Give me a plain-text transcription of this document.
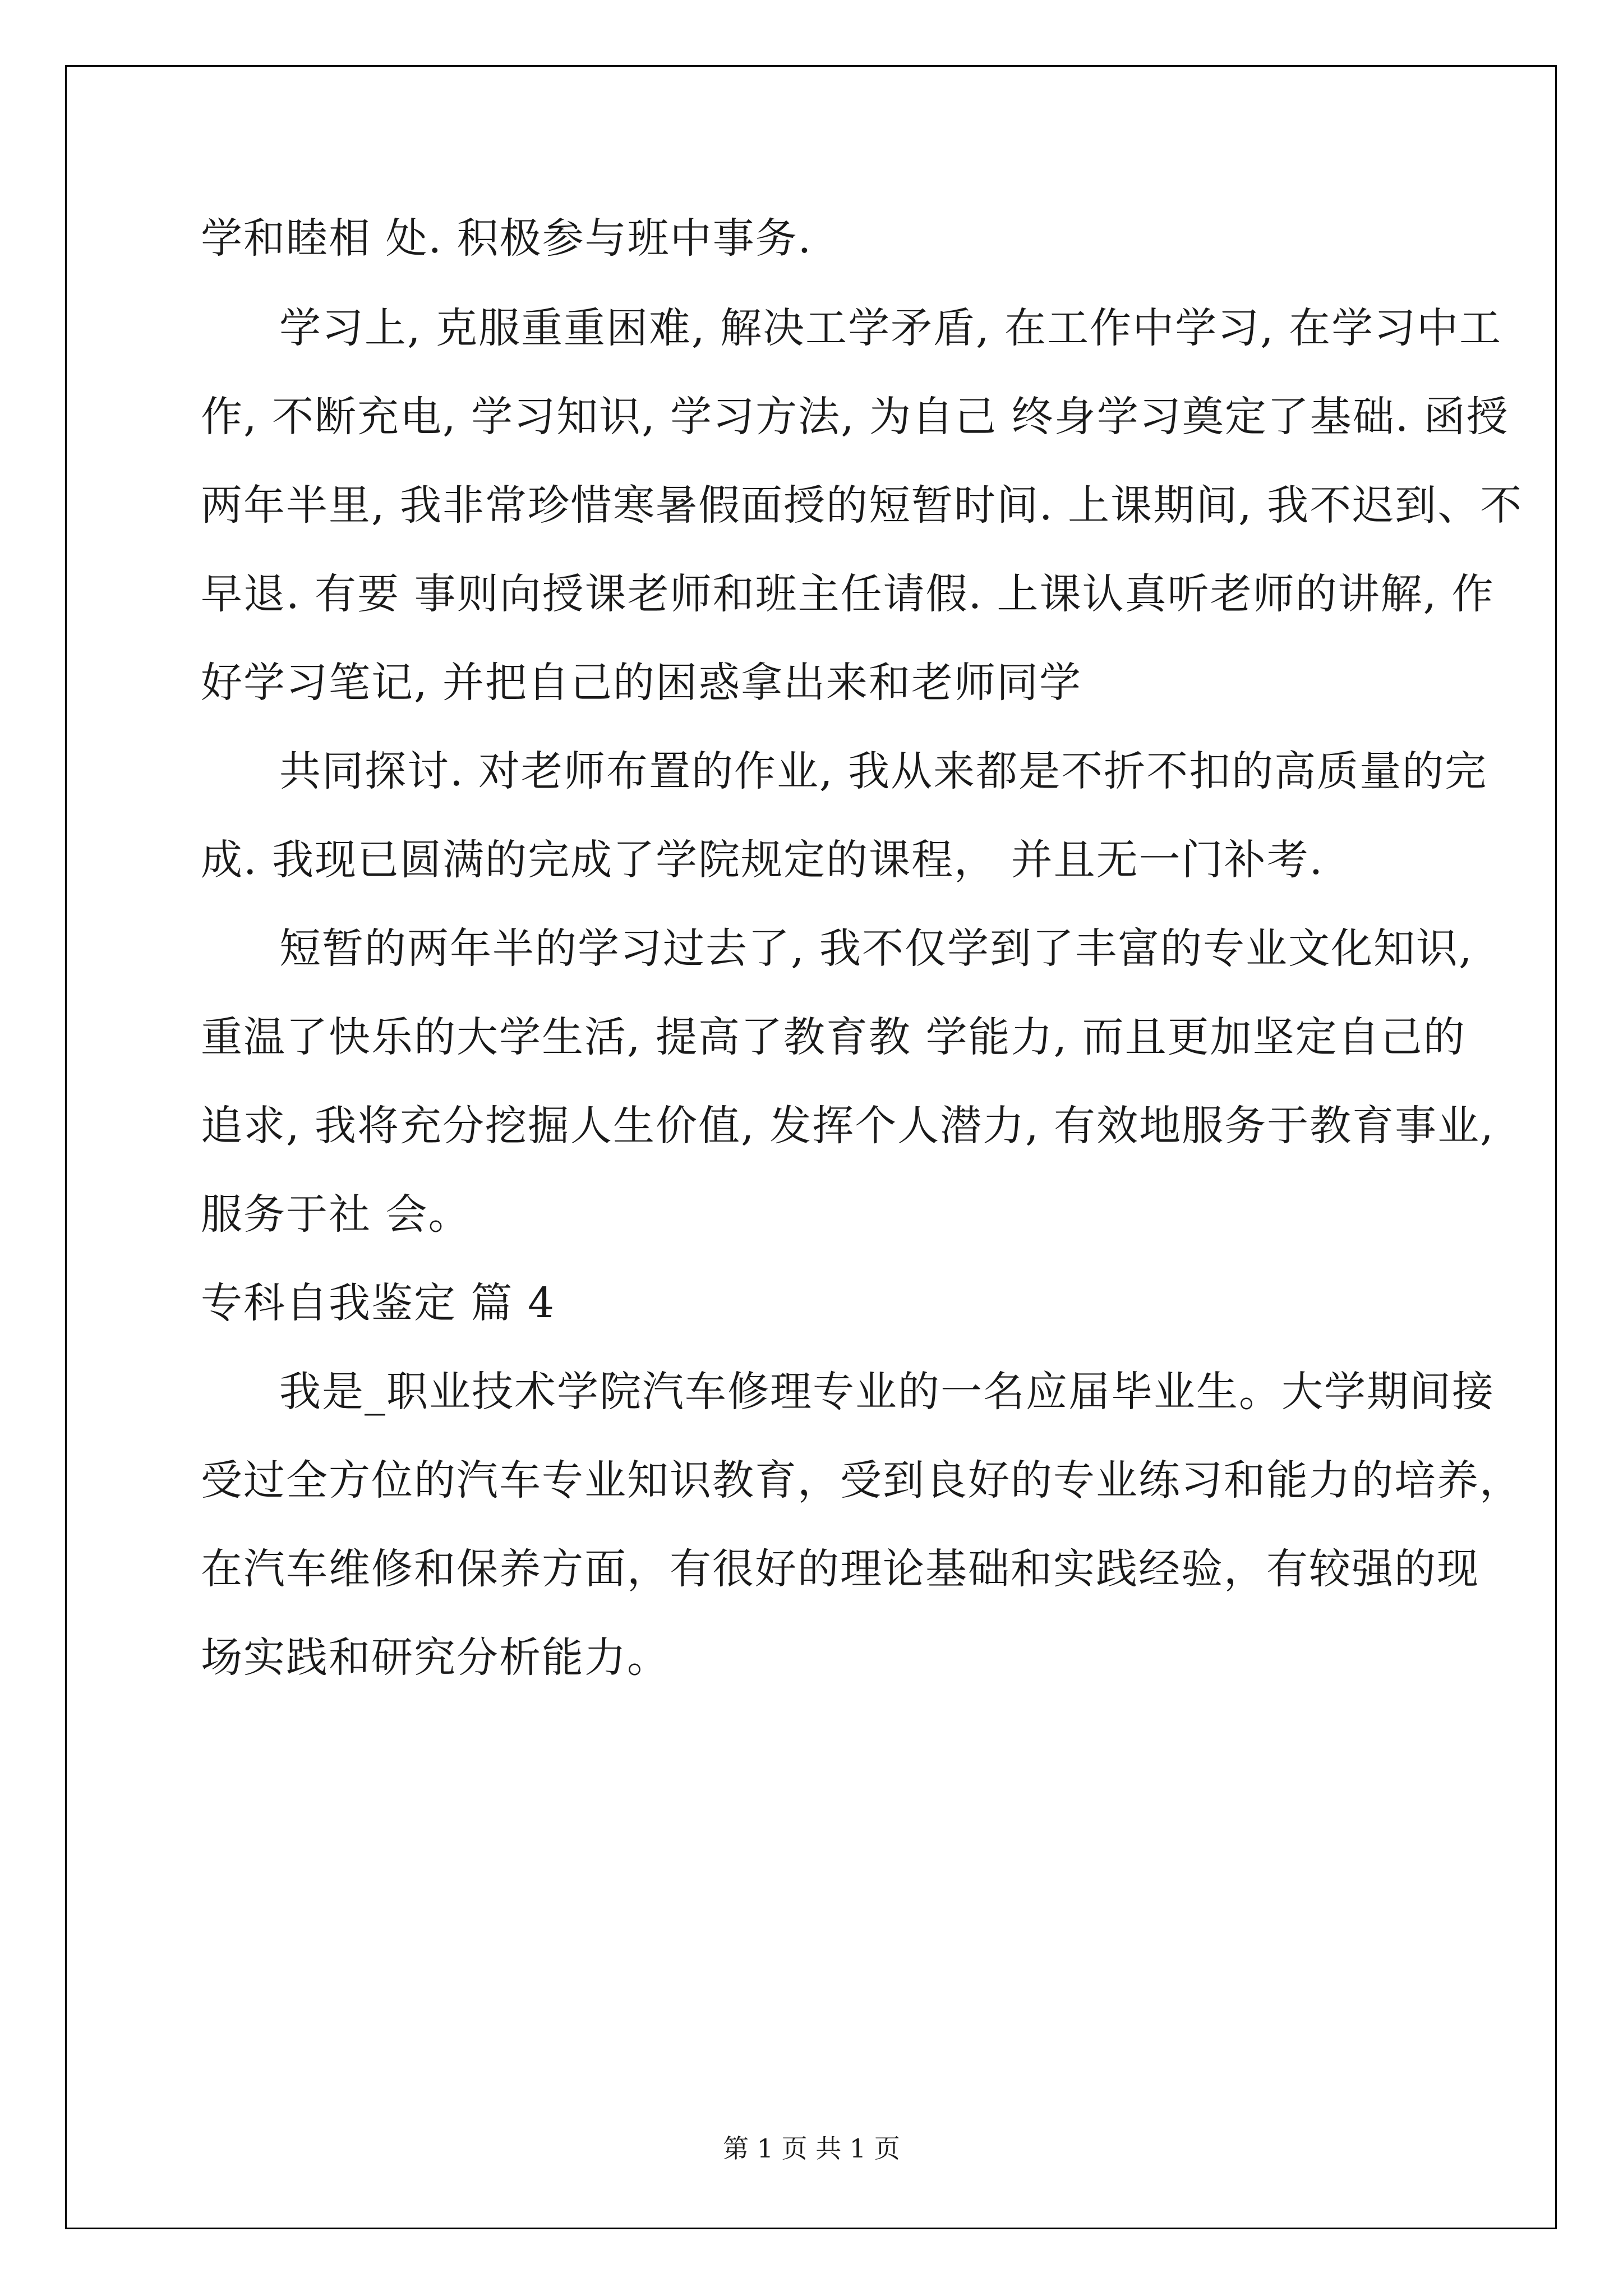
学和睦相 处. 积极参与班中事务.
学习上, 克服重重困难, 解决工学矛盾, 在工作中学习, 在学习中工
作, 不断充电, 学习知识, 学习方法, 为自己 终身学习奠定了基础. 函授
两年半里, 我非常珍惜寒暑假面授的短暂时间. 上课期间, 我不迟到、不
早退. 有要 事则向授课老师和班主任请假. 上课认真听老师的讲解, 作
好学习笔记, 并把自己的困惑拿出来和老师同学
共同探讨. 对老师布置的作业, 我从来都是不折不扣的高质量的完
成. 我现已圆满的完成了学院规定的课程， 并且无一门补考.
短暂的两年半的学习过去了, 我不仅学到了丰富的专业文化知识,
重温了快乐的大学生活, 提高了教育教 学能力, 而且更加坚定自己的
追求, 我将充分挖掘人生价值, 发挥个人潜力, 有效地服务于教育事业,
服务于社 会。
专科自我鉴定 篇 4
我是_职业技术学院汽车修理专业的一名应届毕业生。大学期间接
受过全方位的汽车专业知识教育，受到良好的专业练习和能力的培养，
在汽车维修和保养方面，有很好的理论基础和实践经验，有较强的现
场实践和研究分析能力。
第 1 页 共 1 页
